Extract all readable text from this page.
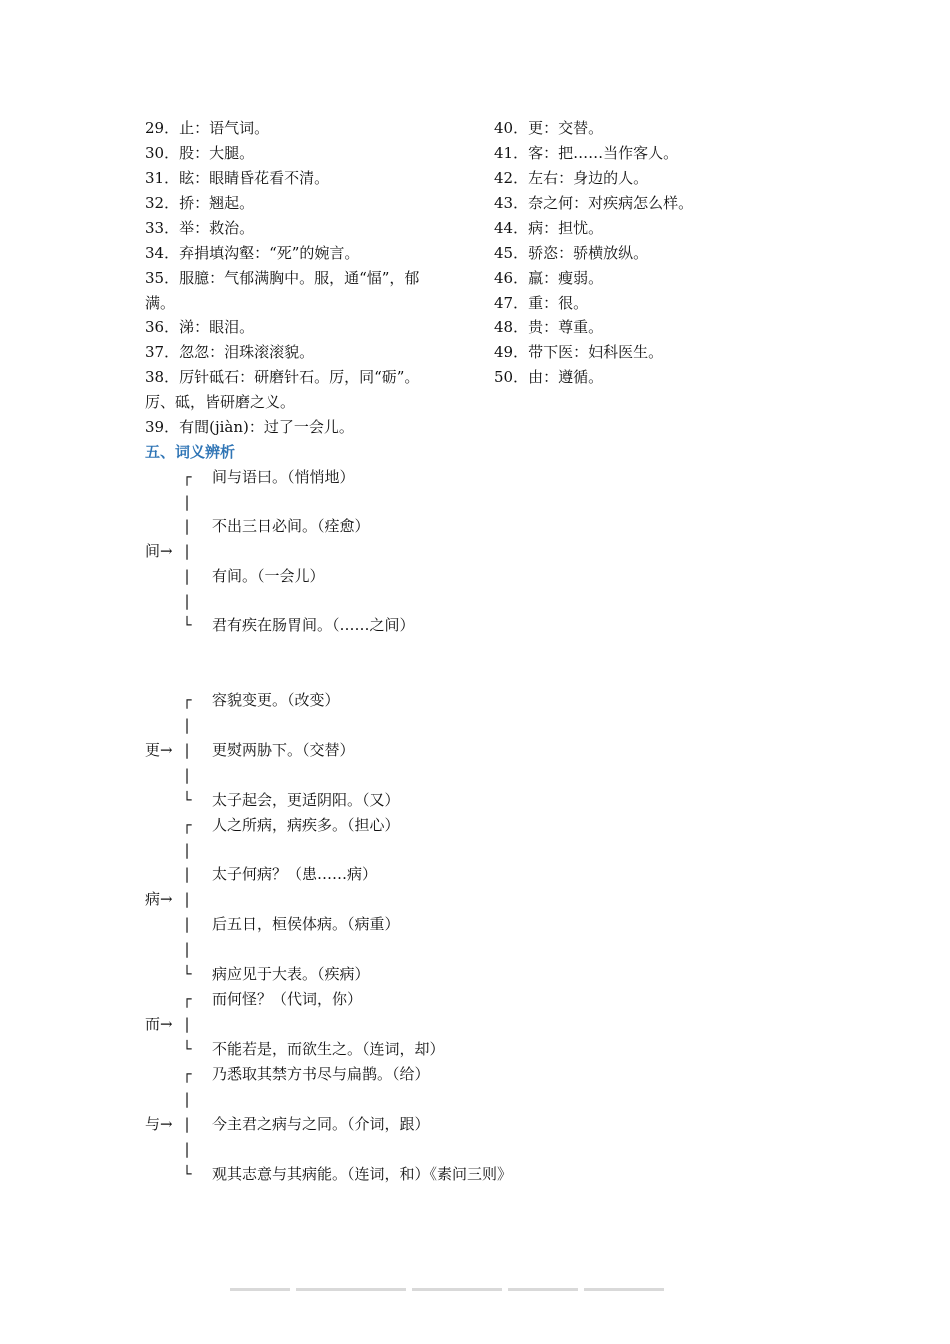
29．止：语气词。
30．股：大腿。
31．眩：眼睛昏花看不清。
32．挢：翘起。
33．举：救治。
34．弃捐填沟壑：“死”的婉言。
35．服臆：气郁满胸中。服，通“愊”，郁
满。
36．涕：眼泪。
37．忽忽：泪珠滚滚貌。
38．厉针砥石：研磨针石。厉，同“砺”。
厉、砥，皆研磨之义。
39．有間(jiàn)：过了一会儿。
40．更：交替。
41．客：把……当作客人。
42．左右：身边的人。
43．奈之何：对疾病怎么样。
44．病：担忧。
45．骄恣：骄横放纵。
46．羸：瘦弱。
47．重：很。
48．贵：尊重。
49．带下医：妇科医生。
50．由：遵循。
五、词义辨析
┌ 间与语曰。（悄悄地）
|
| 不出三日必间。（痊愈）
间→ |
| 有间。（一会儿）
|
└ 君有疾在肠胃间。（……之间）
┌ 容貌变更。（改变）
|
更→ | 更熨两胁下。（交替）
|
└ 太子起会，更适阴阳。（又）
┌ 人之所病，病疾多。（担心）
|
| 太子何病？（患……病）
病→ |
| 后五日，桓侯体病。（病重）
|
└ 病应见于大表。（疾病）
┌ 而何怪？（代词，你）
而→ |
└ 不能若是，而欲生之。（连词，却）
┌ 乃悉取其禁方书尽与扁鹊。（给）
|
与→ | 今主君之病与之同。（介词，跟）
|
└ 观其志意与其病能。（连词，和）《素问三则》
